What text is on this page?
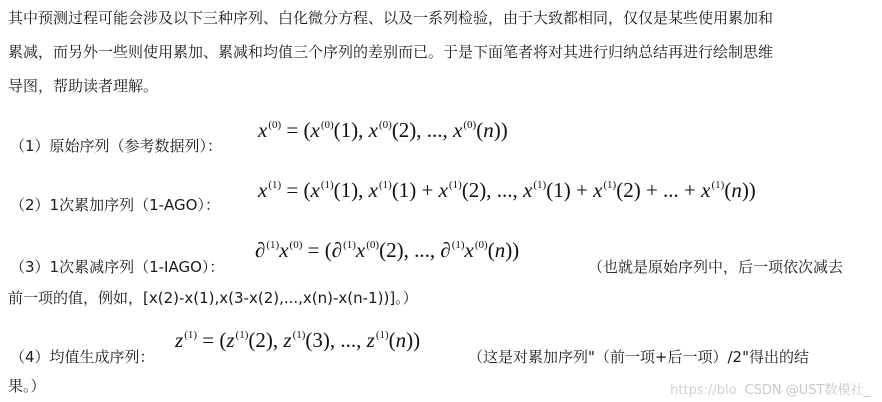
其中预测过程可能会涉及以下三种序列、白化微分方程、以及一系列检验，由于大致都相同，仅仅是某些使用累加和
累减，而另外一些则使用累加、累减和均值三个序列的差别而已。于是下面笔者将对其进行归纳总结再进行绘制思维
导图，帮助读者理解。
（1）原始序列（参考数据列）：
$x^{(0)} = (x^{(0)}(1)$, $x^{(0)}(2)$, ..., $x^{(0)}(n)$)
（2）1次累加序列（1-AGO）：
$x^{(1)} = (x^{(1)}(1)$, $x^{(1)}(1) + x^{(1)}(2)$, ..., $x^{(1)}(1) + x^{(1)}(2)$ + ... + $x^{(1)}(n)$)
（3）1次累减序列（1-IAGO）：
$\partial^{(1)}x^{(0)} = (\partial^{(1)}x^{(0)}(2)$, ..., $\partial^{(1)}x^{(0)}(n)$)
（也就是原始序列中，后一项依次减去
前一项的值，例如，[x(2)-x(1),x(3-x(2),...,x(n)-x(n-1))]。）
（4）均值生成序列：
$z^{(1)} = (z^{(1)}(2)$, $z^{(1)}(3)$, ..., $z^{(1)}(n)$)
（这是对累加序列"（前一项+后一项）/2"得出的结
果。）	https://blo CSDN @UST数模社_
